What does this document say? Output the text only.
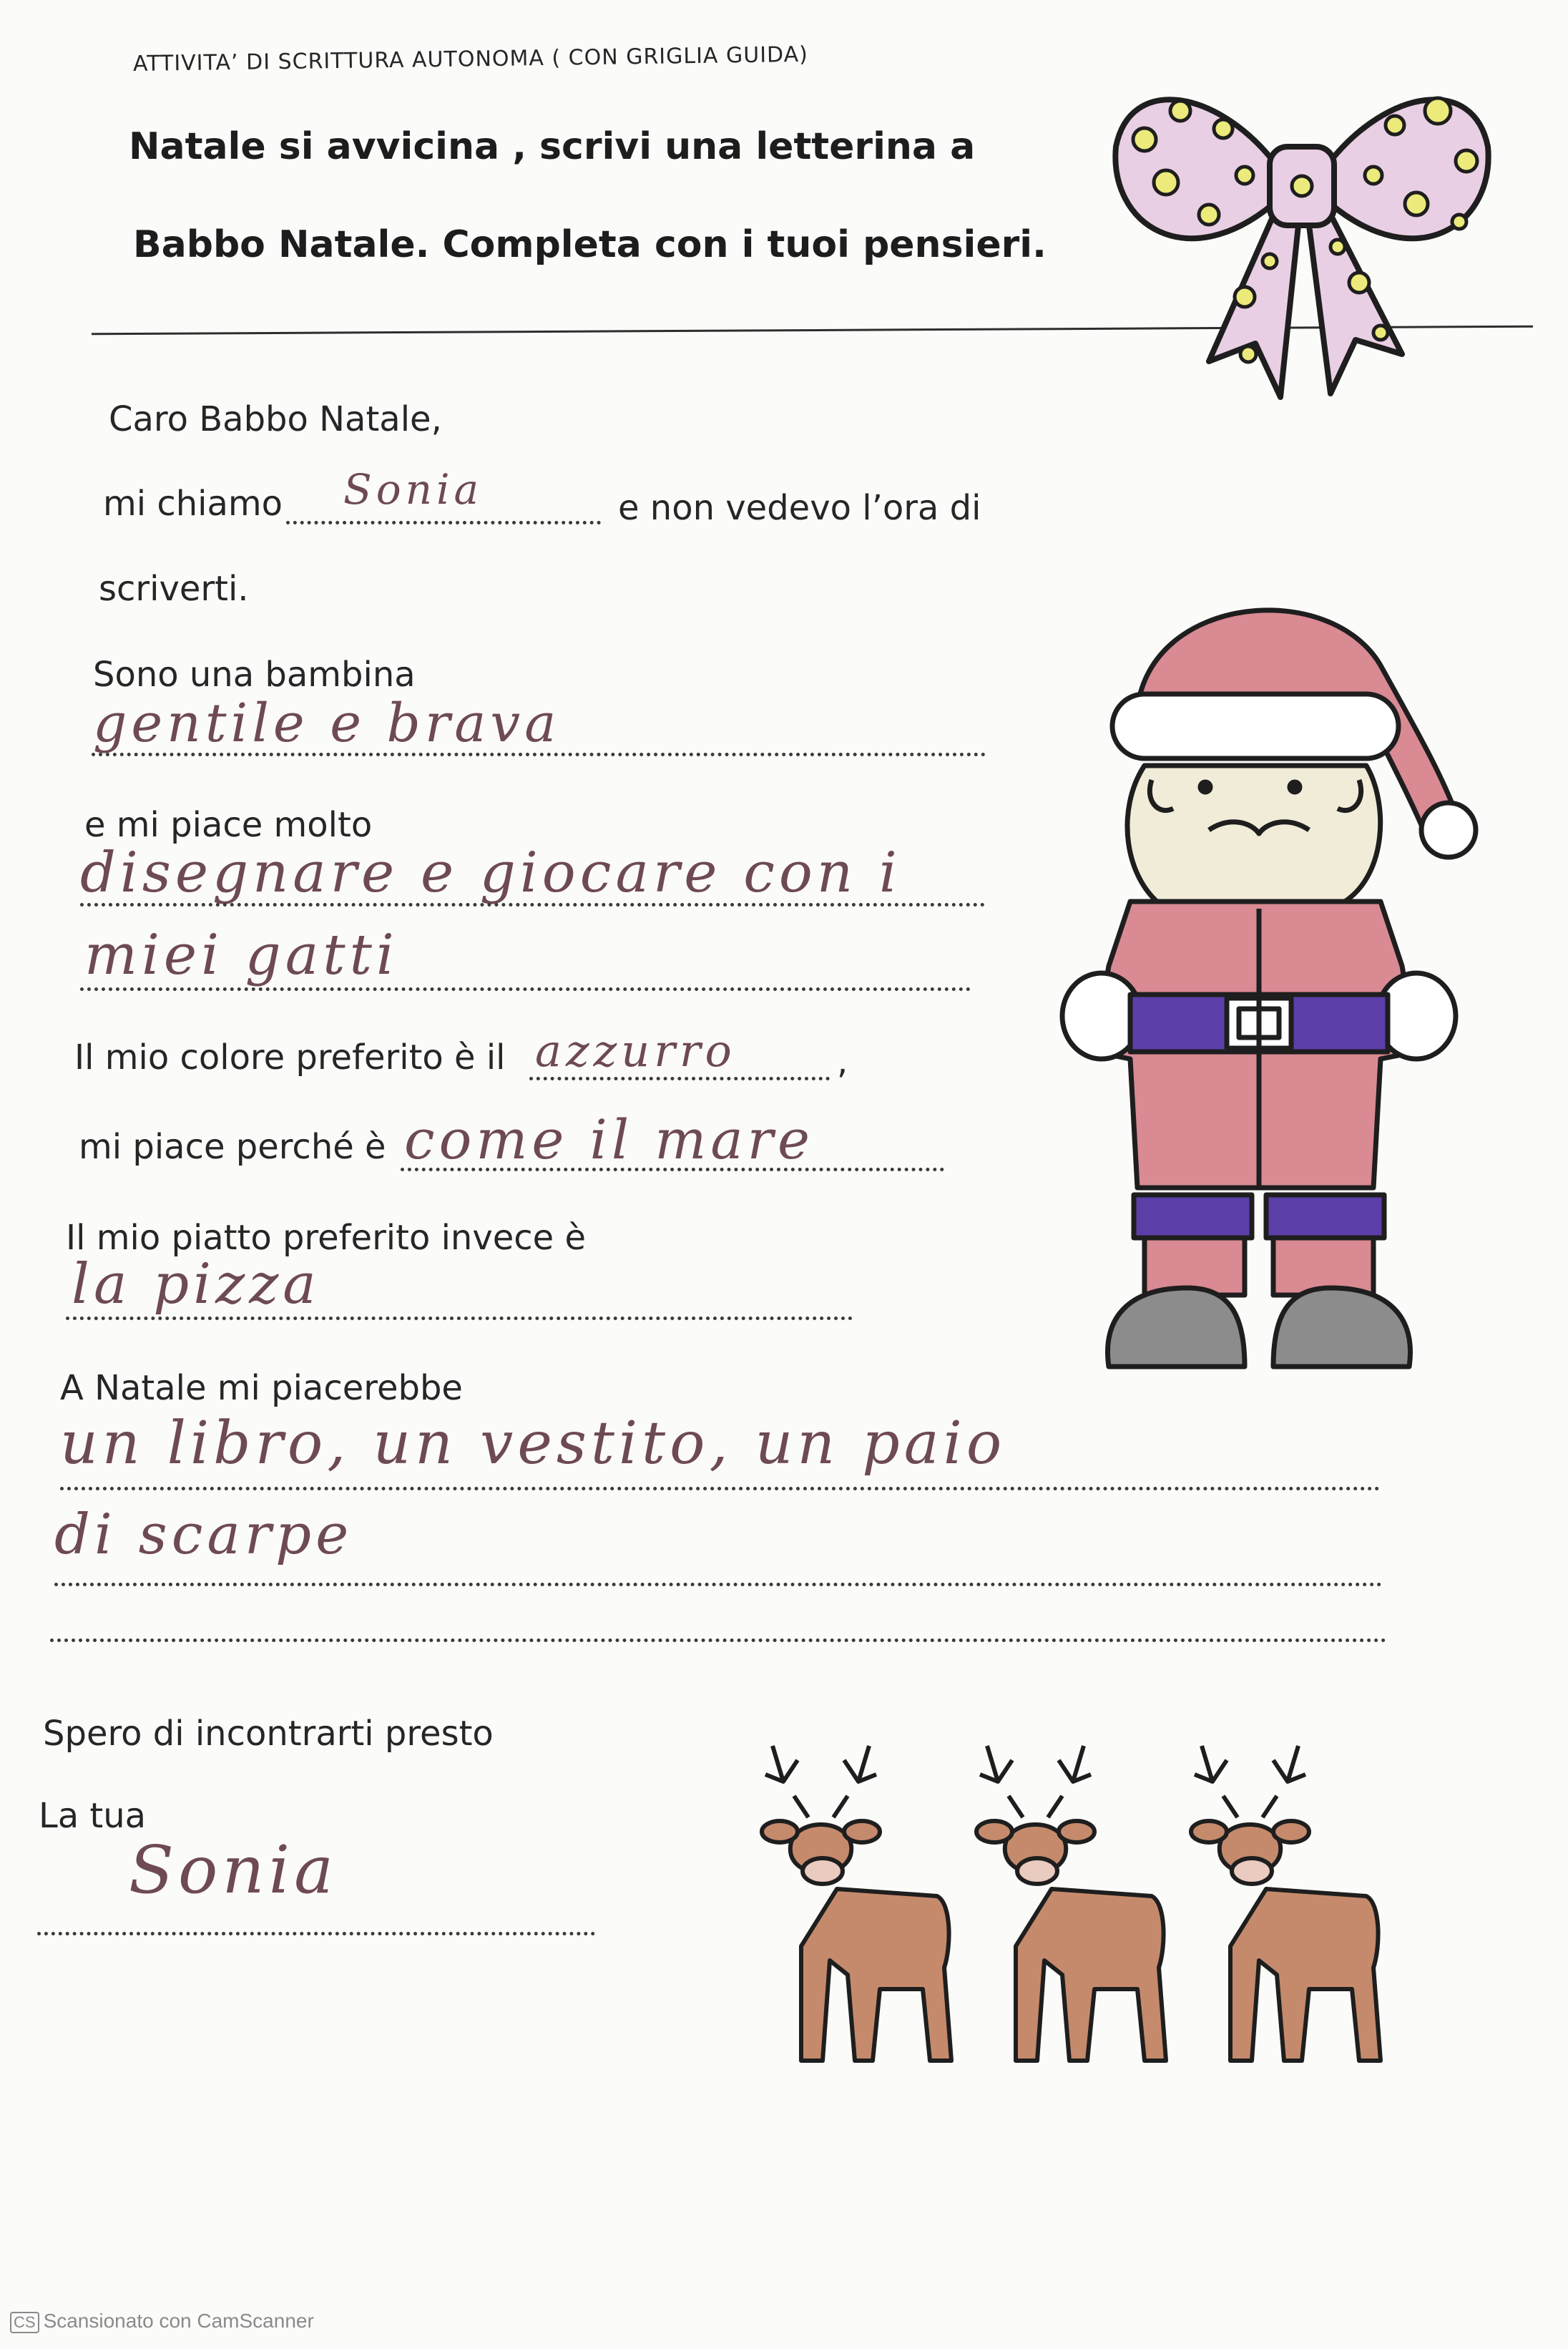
ATTIVITA’ DI SCRITTURA AUTONOMA ( CON GRIGLIA GUIDA)
Natale si avvicina , scrivi una letterina a
Babbo Natale. Completa con i tuoi pensieri.
Caro Babbo Natale,
mi chiamo Sonia	e non vedevo l’ora di
scriverti.
Sono una bambina
gentile e brava
e mi piace molto
disegnare e giocare con i
miei gatti
Il mio colore preferito è il azzurro	,
mi piace perché è come il mare
Il mio piatto preferito invece è
la pizza
A Natale mi piacerebbe
un libro, un vestito, un paio
di scarpe
Spero di incontrarti presto
La tua
Sonia
CS Scansionato con CamScanner
